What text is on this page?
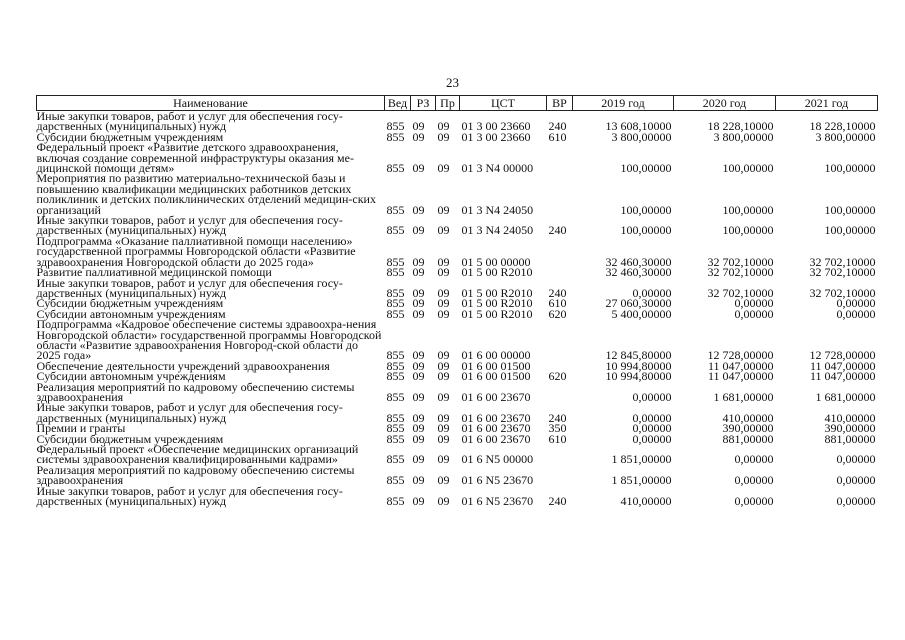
23
Наименование	Вед	РЗ	Пр	ЦСТ	ВР	2019 год	2020 год	2021 год
Иные закупки товаров, работ и услуг для обеспечения госу-дарственных (муниципальных) нужд	855	09	09	01 3 00 23660	240	13 608,10000	18 228,10000	18 228,10000
Субсидии бюджетным учреждениям	855	09	09	01 3 00 23660	610	3 800,00000	3 800,00000	3 800,00000
Федеральный проект «Развитие детского здравоохранения, включая создание современной инфраструктуры оказания ме-дицинской помощи детям»	855	09	09	01 3 N4 00000		100,00000	100,00000	100,00000
Мероприятия по развитию материально-технической базы и повышению квалификации медицинских работников детских поликлиник и детских поликлинических отделений медицин-ских организаций	855	09	09	01 3 N4 24050		100,00000	100,00000	100,00000
Иные закупки товаров, работ и услуг для обеспечения госу-дарственных (муниципальных) нужд	855	09	09	01 3 N4 24050	240	100,00000	100,00000	100,00000
Подпрограмма «Оказание паллиативной помощи населению» государственной программы Новгородской области «Развитие здравоохранения Новгородской области до 2025 года»	855	09	09	01 5 00 00000		32 460,30000	32 702,10000	32 702,10000
Развитие паллиативной медицинской помощи	855	09	09	01 5 00 R2010		32 460,30000	32 702,10000	32 702,10000
Иные закупки товаров, работ и услуг для обеспечения госу-дарственных (муниципальных) нужд	855	09	09	01 5 00 R2010	240	0,00000	32 702,10000	32 702,10000
Субсидии бюджетным учреждениям	855	09	09	01 5 00 R2010	610	27 060,30000	0,00000	0,00000
Субсидии автономным учреждениям	855	09	09	01 5 00 R2010	620	5 400,00000	0,00000	0,00000
Подпрограмма «Кадровое обеспечение системы здравоохра-нения Новгородской области» государственной программы Новгородской области «Развитие здравоохранения Новгород-ской области до 2025 года»	855	09	09	01 6 00 00000		12 845,80000	12 728,00000	12 728,00000
Обеспечение деятельности учреждений здравоохранения	855	09	09	01 6 00 01500		10 994,80000	11 047,00000	11 047,00000
Субсидии автономным учреждениям	855	09	09	01 6 00 01500	620	10 994,80000	11 047,00000	11 047,00000
Реализация мероприятий по кадровому обеспечению системы здравоохранения	855	09	09	01 6 00 23670		0,00000	1 681,00000	1 681,00000
Иные закупки товаров, работ и услуг для обеспечения госу-дарственных (муниципальных) нужд	855	09	09	01 6 00 23670	240	0,00000	410,00000	410,00000
Премии и гранты	855	09	09	01 6 00 23670	350	0,00000	390,00000	390,00000
Субсидии бюджетным учреждениям	855	09	09	01 6 00 23670	610	0,00000	881,00000	881,00000
Федеральный проект «Обеспечение медицинских организаций системы здравоохранения квалифицированными кадрами»	855	09	09	01 6 N5 00000		1 851,00000	0,00000	0,00000
Реализация мероприятий по кадровому обеспечению системы здравоохранения	855	09	09	01 6 N5 23670		1 851,00000	0,00000	0,00000
Иные закупки товаров, работ и услуг для обеспечения госу-дарственных (муниципальных) нужд	855	09	09	01 6 N5 23670	240	410,00000	0,00000	0,00000
